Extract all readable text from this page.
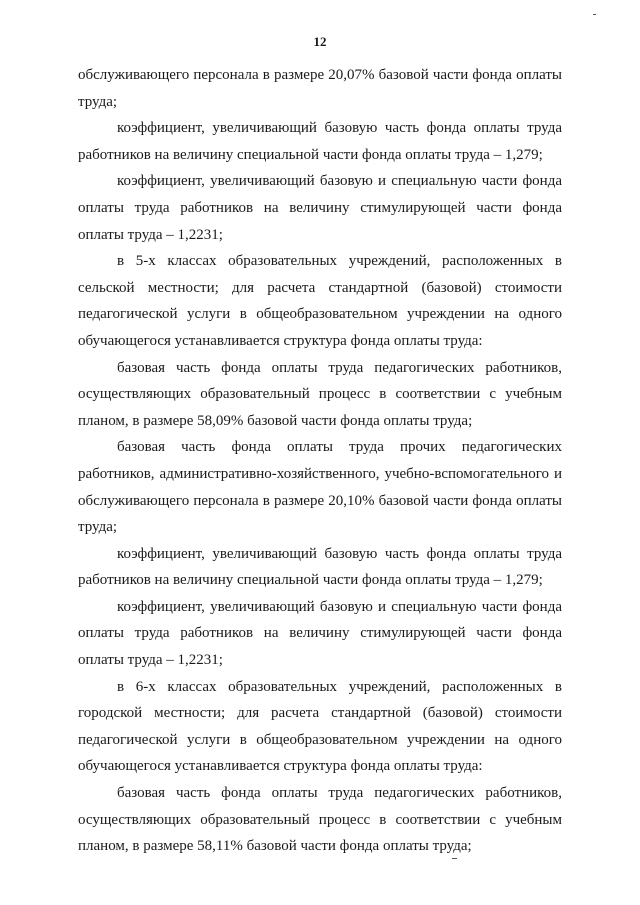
12

обслуживающего персонала в размере 20,07% базовой части фонда оплаты труда;

коэффициент, увеличивающий базовую часть фонда оплаты труда работников на величину специальной части фонда оплаты труда – 1,279;

коэффициент, увеличивающий базовую и специальную части фонда оплаты труда работников на величину стимулирующей части фонда оплаты труда – 1,2231;

в 5-х классах образовательных учреждений, расположенных в сельской местности; для расчета стандартной (базовой) стоимости педагогической услуги в общеобразовательном учреждении на одного обучающегося устанавливается структура фонда оплаты труда:

базовая часть фонда оплаты труда педагогических работников, осуществляющих образовательный процесс в соответствии с учебным планом, в размере 58,09% базовой части фонда оплаты труда;

базовая часть фонда оплаты труда прочих педагогических работников, административно-хозяйственного, учебно-вспомогательного и обслуживающего персонала в размере 20,10% базовой части фонда оплаты труда;

коэффициент, увеличивающий базовую часть фонда оплаты труда работников на величину специальной части фонда оплаты труда – 1,279;

коэффициент, увеличивающий базовую и специальную части фонда оплаты труда работников на величину стимулирующей части фонда оплаты труда – 1,2231;

в 6-х классах образовательных учреждений, расположенных в городской местности; для расчета стандартной (базовой) стоимости педагогической услуги в общеобразовательном учреждении на одного обучающегося устанавливается структура фонда оплаты труда:

базовая часть фонда оплаты труда педагогических работников, осуществляющих образовательный процесс в соответствии с учебным планом, в размере 58,11% базовой части фонда оплаты труда;
